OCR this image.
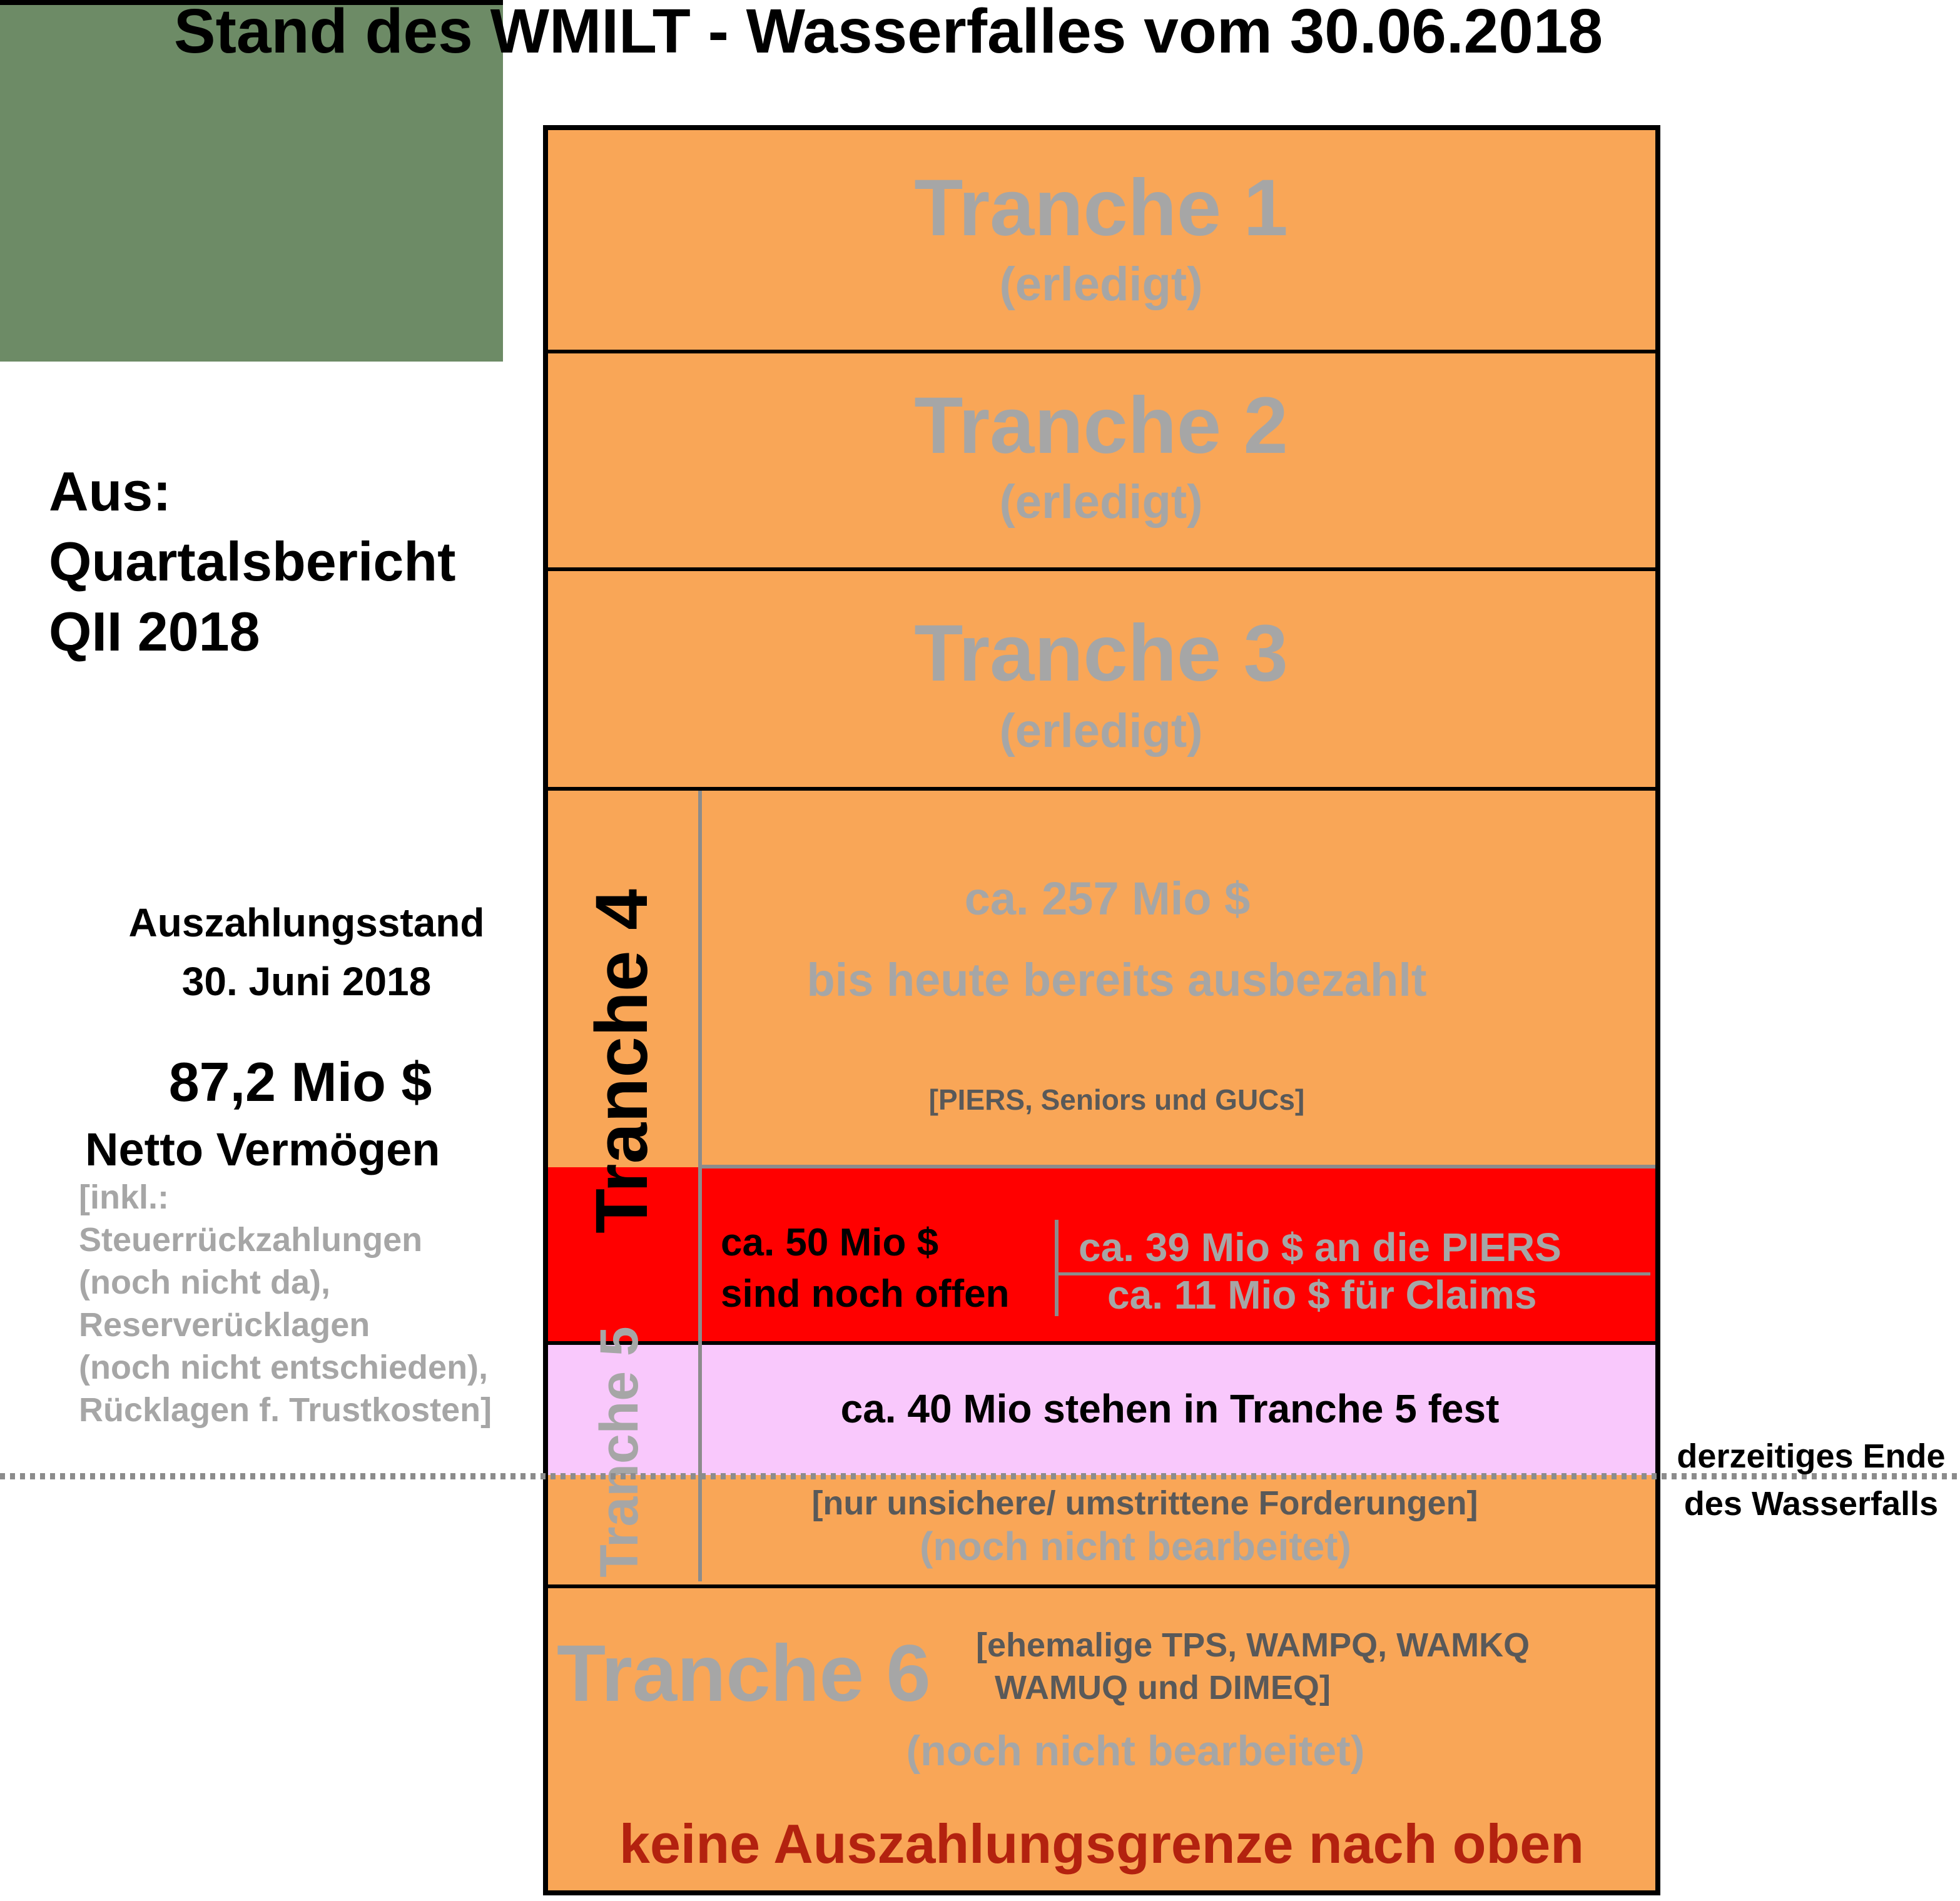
Stand des WMILT - Wasserfalles vom 30.06.2018
Aus:
Quartalsbericht
QII 2018
Auszahlungsstand
30. Juni 2018
87,2 Mio $
Netto Vermögen
[inkl.:
Steuerrückzahlungen
(noch nicht da),
Reserverücklagen
(noch nicht entschieden),
Rücklagen f. Trustkosten]
Tranche 1
(erledigt)
Tranche 2
(erledigt)
Tranche 3
(erledigt)
Tranche 4	ca. 257 Mio $
bis heute bereits ausbezahlt
[PIERS, Seniors und GUCs]
ca. 50 Mio $
sind noch offen
ca. 39 Mio $ an die PIERS
ca. 11 Mio $ für Claims
Tranche 5	ca. 40 Mio stehen in Tranche 5 fest
[nur unsichere/ umstrittene Forderungen]
(noch nicht bearbeitet)
Tranche 6 [ehemalige TPS, WAMPQ, WAMKQ
WAMUQ und DIMEQ]
(noch nicht bearbeitet)
keine Auszahlungsgrenze nach oben
derzeitiges Ende
des Wasserfalls
